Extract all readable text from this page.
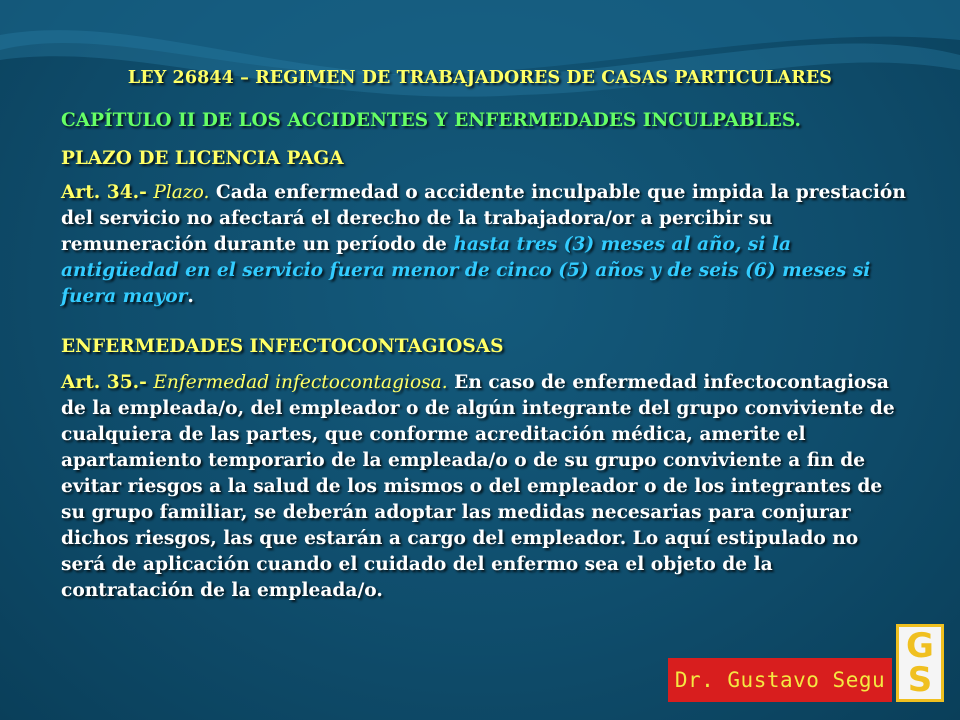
LEY 26844 – REGIMEN DE TRABAJADORES DE CASAS PARTICULARES
CAPÍTULO II DE LOS ACCIDENTES Y ENFERMEDADES INCULPABLES.
PLAZO DE LICENCIA PAGA
Art. 34.- Plazo. Cada enfermedad o accidente inculpable que impida la prestación del servicio no afectará el derecho de la trabajadora/or a percibir su remuneración durante un período de hasta tres (3) meses al año, si la antigüedad en el servicio fuera menor de cinco (5) años y de seis (6) meses si fuera mayor.
ENFERMEDADES INFECTOCONTAGIOSAS
Art. 35.- Enfermedad infectocontagiosa. En caso de enfermedad infectocontagiosa de la empleada/o, del empleador o de algún integrante del grupo conviviente de cualquiera de las partes, que conforme acreditación médica, amerite el apartamiento temporario de la empleada/o o de su grupo conviviente a fin de evitar riesgos a la salud de los mismos o del empleador o de los integrantes de su grupo familiar, se deberán adoptar las medidas necesarias para conjurar dichos riesgos, las que estarán a cargo del empleador. Lo aquí estipulado no será de aplicación cuando el cuidado del enfermo sea el objeto de la contratación de la empleada/o.
Dr. Gustavo Segu
G
S
